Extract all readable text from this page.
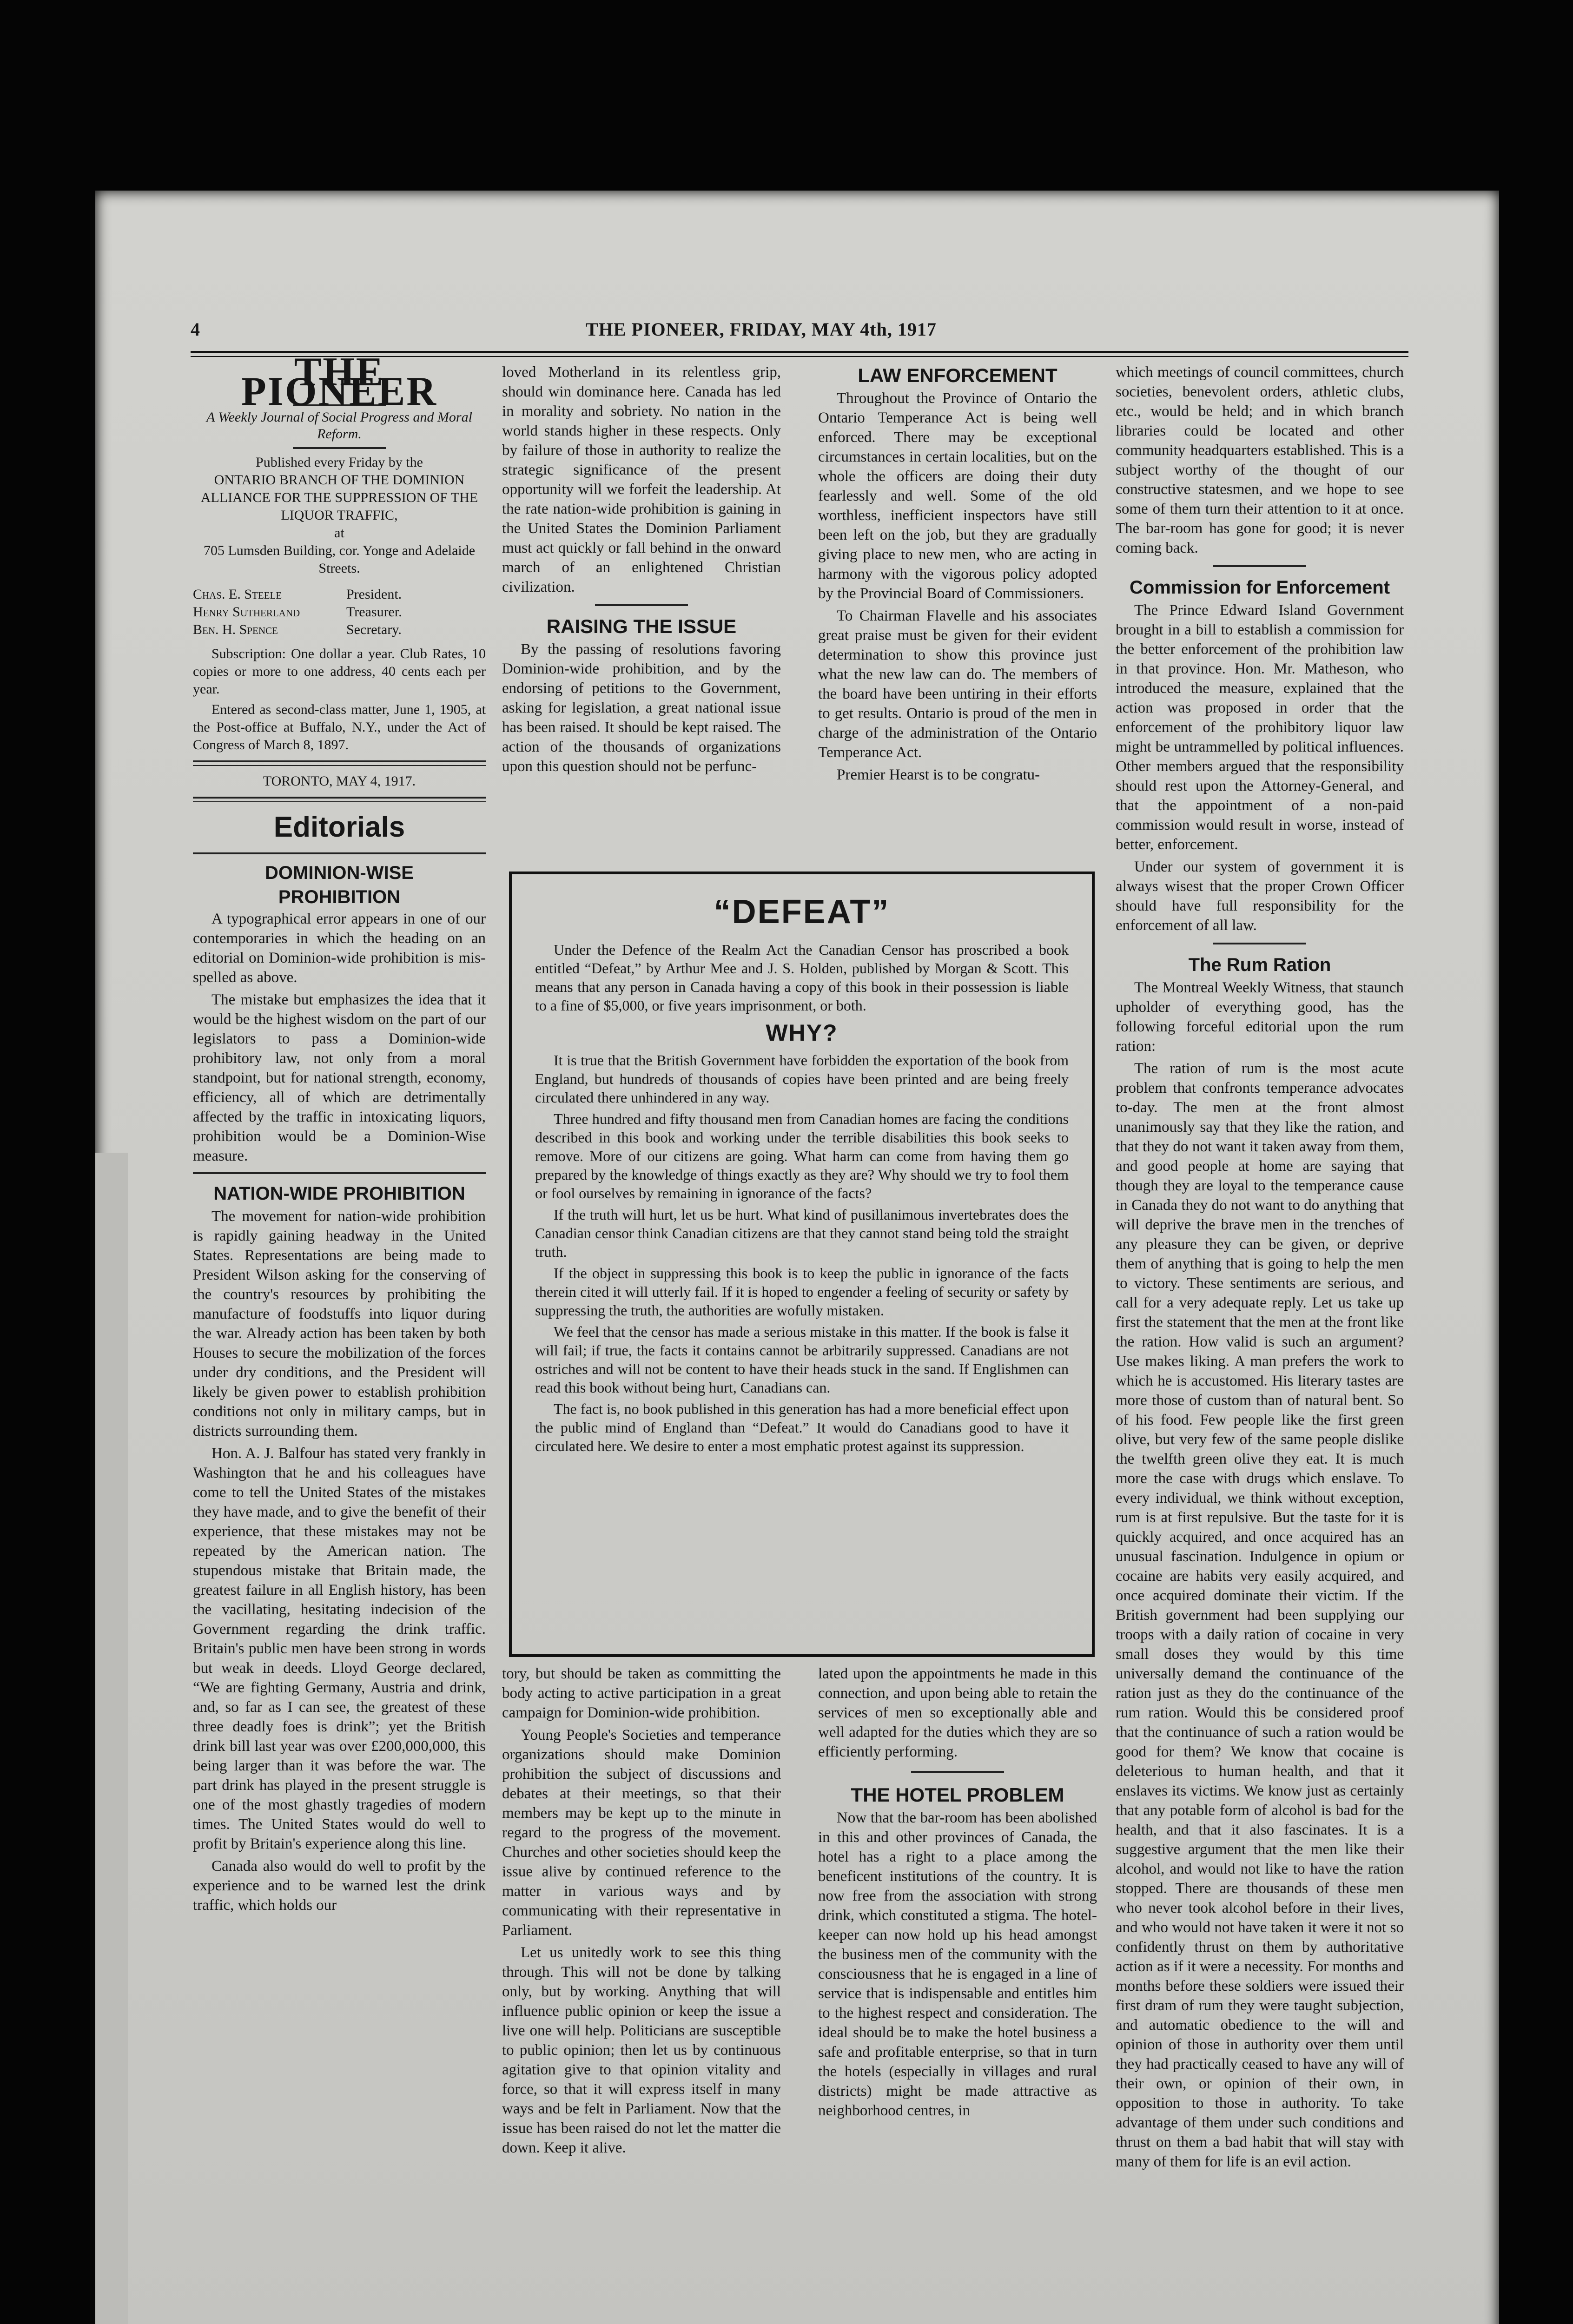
4	THE PIONEER, FRIDAY, MAY 4th, 1917
THE PIONEER
A Weekly Journal of Social Progress and Moral Reform.
Published every Friday by the
ONTARIO BRANCH OF THE DOMINION ALLIANCE FOR THE SUPPRESSION OF THE LIQUOR TRAFFIC,
at
705 Lumsden Building, cor. Yonge and Adelaide Streets.
Chas. E. Steele	President.
Henry Sutherland	Treasurer.
Ben. H. Spence	Secretary.

Subscription: One dollar a year. Club Rates, 10 copies or more to one address, 40 cents each per year.

Entered as second-class matter, June 1, 1905, at the Post-office at Buffalo, N.Y., under the Act of Congress of March 8, 1897.

TORONTO, MAY 4, 1917.
Editorials
DOMINION-WISE PROHIBITION

A typographical error appears in one of our contemporaries in which the heading on an editorial on Dominion-wide prohibition is mis-spelled as above.

The mistake but emphasizes the idea that it would be the highest wisdom on the part of our legislators to pass a Dominion-wide prohibitory law, not only from a moral standpoint, but for national strength, economy, efficiency, all of which are detrimentally affected by the traffic in intoxicating liquors, prohibition would be a Dominion-Wise measure.

NATION-WIDE PROHIBITION

The movement for nation-wide prohibition is rapidly gaining headway in the United States. Representations are being made to President Wilson asking for the conserving of the country's resources by prohibiting the manufacture of foodstuffs into liquor during the war. Already action has been taken by both Houses to secure the mobilization of the forces under dry conditions, and the President will likely be given power to establish prohibition conditions not only in military camps, but in districts surrounding them.

Hon. A. J. Balfour has stated very frankly in Washington that he and his colleagues have come to tell the United States of the mistakes they have made, and to give the benefit of their experience, that these mistakes may not be repeated by the American nation. The stupendous mistake that Britain made, the greatest failure in all English history, has been the vacillating, hesitating indecision of the Government regarding the drink traffic. Britain's public men have been strong in words but weak in deeds. Lloyd George declared, “We are fighting Germany, Austria and drink, and, so far as I can see, the greatest of these three deadly foes is drink”; yet the British drink bill last year was over £200,000,000, this being larger than it was before the war. The part drink has played in the present struggle is one of the most ghastly tragedies of modern times. The United States would do well to profit by Britain's experience along this line.

Canada also would do well to profit by the experience and to be warned lest the drink traffic, which holds our

loved Motherland in its relentless grip, should win dominance here. Canada has led in morality and sobriety. No nation in the world stands higher in these respects. Only by failure of those in authority to realize the strategic significance of the present opportunity will we forfeit the leadership. At the rate nation-wide prohibition is gaining in the United States the Dominion Parliament must act quickly or fall behind in the onward march of an enlightened Christian civilization.

RAISING THE ISSUE

By the passing of resolutions favoring Dominion-wide prohibition, and by the endorsing of petitions to the Government, asking for legislation, a great national issue has been raised. It should be kept raised. The action of the thousands of organizations upon this question should not be perfunc-

LAW ENFORCEMENT

Throughout the Province of Ontario the Ontario Temperance Act is being well enforced. There may be exceptional circumstances in certain localities, but on the whole the officers are doing their duty fearlessly and well. Some of the old worthless, inefficient inspectors have still been left on the job, but they are gradually giving place to new men, who are acting in harmony with the vigorous policy adopted by the Provincial Board of Commissioners.

To Chairman Flavelle and his associates great praise must be given for their evident determination to show this province just what the new law can do. The members of the board have been untiring in their efforts to get results. Ontario is proud of the men in charge of the administration of the Ontario Temperance Act.

Premier Hearst is to be congratu-

which meetings of council committees, church societies, benevolent orders, athletic clubs, etc., would be held; and in which branch libraries could be located and other community headquarters established. This is a subject worthy of the thought of our constructive statesmen, and we hope to see some of them turn their attention to it at once. The bar-room has gone for good; it is never coming back.

Commission for Enforcement

The Prince Edward Island Government brought in a bill to establish a commission for the better enforcement of the prohibition law in that province. Hon. Mr. Matheson, who introduced the measure, explained that the action was proposed in order that the enforcement of the prohibitory liquor law might be untrammelled by political influences. Other members argued that the responsibility should rest upon the Attorney-General, and that the appointment of a non-paid commission would result in worse, instead of better, enforcement.

Under our system of government it is always wisest that the proper Crown Officer should have full responsibility for the enforcement of all law.

The Rum Ration

The Montreal Weekly Witness, that staunch upholder of everything good, has the following forceful editorial upon the rum ration:

The ration of rum is the most acute problem that confronts temperance advocates to-day. The men at the front almost unanimously say that they like the ration, and that they do not want it taken away from them, and good people at home are saying that though they are loyal to the temperance cause in Canada they do not want to do anything that will deprive the brave men in the trenches of any pleasure they can be given, or deprive them of anything that is going to help the men to victory. These sentiments are serious, and call for a very adequate reply. Let us take up first the statement that the men at the front like the ration. How valid is such an argument? Use makes liking. A man prefers the work to which he is accustomed. His literary tastes are more those of custom than of natural bent. So of his food. Few people like the first green olive, but very few of the same people dislike the twelfth green olive they eat. It is much more the case with drugs which enslave. To every individual, we think without exception, rum is at first repulsive. But the taste for it is quickly acquired, and once acquired has an unusual fascination. Indulgence in opium or cocaine are habits very easily acquired, and once acquired dominate their victim. If the British government had been supplying our troops with a daily ration of cocaine in very small doses they would by this time universally demand the continuance of the ration just as they do the continuance of the rum ration. Would this be considered proof that the continuance of such a ration would be good for them? We know that cocaine is deleterious to human health, and that it enslaves its victims. We know just as certainly that any potable form of alcohol is bad for the health, and that it also fascinates. It is a suggestive argument that the men like their alcohol, and would not like to have the ration stopped. There are thousands of these men who never took alcohol before in their lives, and who would not have taken it were it not so confidently thrust on them by authoritative action as if it were a necessity. For months and months before these soldiers were issued their first dram of rum they were taught subjection, and automatic obedience to the will and opinion of those in authority over them until they had practically ceased to have any will of their own, or opinion of their own, in opposition to those in authority. To take advantage of them under such conditions and thrust on them a bad habit that will stay with many of them for life is an evil action.

“DEFEAT”

Under the Defence of the Realm Act the Canadian Censor has proscribed a book entitled “Defeat,” by Arthur Mee and J. S. Holden, published by Morgan & Scott. This means that any person in Canada having a copy of this book in their possession is liable to a fine of $5,000, or five years imprisonment, or both.

WHY?

It is true that the British Government have forbidden the exportation of the book from England, but hundreds of thousands of copies have been printed and are being freely circulated there unhindered in any way.

Three hundred and fifty thousand men from Canadian homes are facing the conditions described in this book and working under the terrible disabilities this book seeks to remove. More of our citizens are going. What harm can come from having them go prepared by the knowledge of things exactly as they are? Why should we try to fool them or fool ourselves by remaining in ignorance of the facts?

If the truth will hurt, let us be hurt. What kind of pusillanimous invertebrates does the Canadian censor think Canadian citizens are that they cannot stand being told the straight truth.

If the object in suppressing this book is to keep the public in ignorance of the facts therein cited it will utterly fail. If it is hoped to engender a feeling of security or safety by suppressing the truth, the authorities are wofully mistaken.

We feel that the censor has made a serious mistake in this matter. If the book is false it will fail; if true, the facts it contains cannot be arbitrarily suppressed. Canadians are not ostriches and will not be content to have their heads stuck in the sand. If Englishmen can read this book without being hurt, Canadians can.

The fact is, no book published in this generation has had a more beneficial effect upon the public mind of England than “Defeat.” It would do Canadians good to have it circulated here. We desire to enter a most emphatic protest against its suppression.

tory, but should be taken as committing the body acting to active participation in a great campaign for Dominion-wide prohibition.

Young People's Societies and temperance organizations should make Dominion prohibition the subject of discussions and debates at their meetings, so that their members may be kept up to the minute in regard to the progress of the movement. Churches and other societies should keep the issue alive by continued reference to the matter in various ways and by communicating with their representative in Parliament.

Let us unitedly work to see this thing through. This will not be done by talking only, but by working. Anything that will influence public opinion or keep the issue a live one will help. Politicians are susceptible to public opinion; then let us by continuous agitation give to that opinion vitality and force, so that it will express itself in many ways and be felt in Parliament. Now that the issue has been raised do not let the matter die down. Keep it alive.

lated upon the appointments he made in this connection, and upon being able to retain the services of men so exceptionally able and well adapted for the duties which they are so efficiently performing.

THE HOTEL PROBLEM

Now that the bar-room has been abolished in this and other provinces of Canada, the hotel has a right to a place among the beneficent institutions of the country. It is now free from the association with strong drink, which constituted a stigma. The hotel-keeper can now hold up his head amongst the business men of the community with the consciousness that he is engaged in a line of service that is indispensable and entitles him to the highest respect and consideration. The ideal should be to make the hotel business a safe and profitable enterprise, so that in turn the hotels (especially in villages and rural districts) might be made attractive as neighborhood centres, in
